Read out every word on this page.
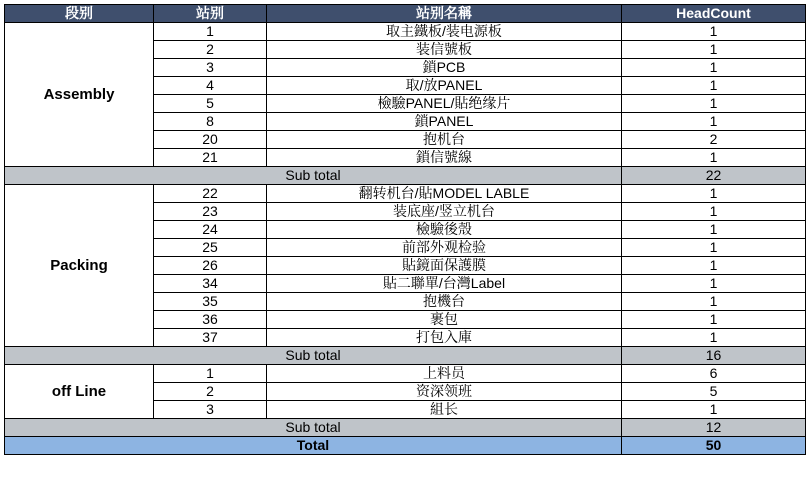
段别	站别	站别名稱	HeadCount
Assembly	1	取主鐵板/装电源板	1
	2	装信號板	1
	3	鎖PCB	1
	4	取/放PANEL	1
	5	檢驗PANEL/貼绝缘片	1
	8	鎖PANEL	1
	20	抱机台	2
	21	鎖信號線	1
Sub total			22
Packing	22	翻转机台/貼MODEL LABLE	1
	23	装底座/竖立机台	1
	24	檢驗後殼	1
	25	前部外观检验	1
	26	貼鏡面保護膜	1
	34	貼二聯單/台灣Label	1
	35	抱機台	1
	36	裹包	1
	37	打包入庫	1
Sub total			16
off Line	1	上料员	6
	2	资深领班	5
	3	組长	1
Sub total			12
Total			50
